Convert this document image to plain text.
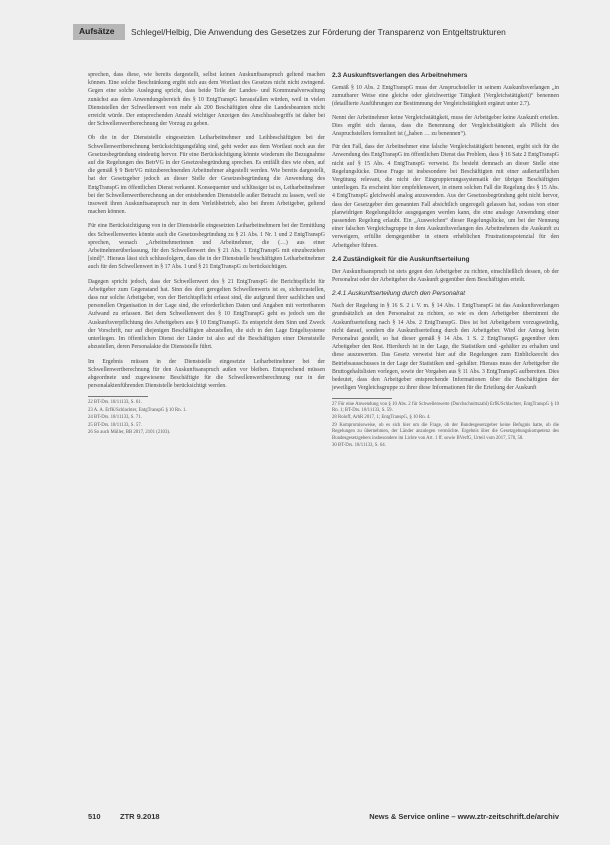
Aufsätze Schlegel/Helbig, Die Anwendung des Gesetzes zur Förderung der Transparenz von Entgeltstrukturen

sprechen, dass diese, wie bereits dargestellt, selbst keinen Auskunftsanspruch geltend machen können. Eine solche Beschränkung ergibt sich aus dem Wortlaut des Gesetzes nicht nicht zwingend. Gegen eine solche Auslegung spricht, dass beide Teile der Landes- und Kommunalverwaltung zunächst aus dem Anwendungsbereich des § 10 EntgTranspG herausfallen würden, weil in vielen Dienststellen der Schwellenwert von mehr als 200 Beschäftigten ohne die Landesbeamten nicht erreicht würde. Der entsprechenden Anzahl wichtiger Anzeigen des Anschlussbegriffs ist daher bei der Schwellenwertberechnung der Vorzug zu geben.

Ob die in der Dienststelle eingesetzten Leiharbeitnehmer und Leihbeschäftigten bei der Schwellenwertberechnung berücksichtigungsfähig sind, geht weder aus dem Wortlaut noch aus der Gesetzesbegründung eindeutig hervor. Für eine Berücksichtigung könnte wiederum die Bezugnahme auf die Regelungen des BetrVG in der Gesetzesbegründung sprechen. Es entfällt dies wie oben, auf die gemäß § 9 BetrVG mitzuberechnenden Arbeitnehmer abgestellt werden. Wie bereits dargestellt, hat der Gesetzgeber jedoch an dieser Stelle der Gesetzesbegründung die Anwendung des EntgTranspG im öffentlichen Dienst verkannt. Konsequenter und schlüssiger ist es, Leiharbeitnehmer bei der Schwellenwertberechnung an der entstehenden Dienststelle außer Betracht zu lassen, weil sie insoweit ihren Auskunftsanspruch nur in dem Verleihbetrieb, also bei ihrem Arbeitgeber, geltend machen können.

Für eine Berücksichtigung von in der Dienststelle eingesetzten Leiharbeitnehmern bei der Ermittlung des Schwellenwertes könnte auch die Gesetzesbegründung zu § 21 Abs. 1 Nr. 1 und 2 EntgTranspG sprechen, wonach „Arbeitnehmerinnen und Arbeitnehmer, die (…) aus einer Arbeitnehmerüberlassung, für den Schwellenwert des § 21 Abs. 1 EntgTranspG mit einzubeziehen [sind]“. Hieraus lässt sich schlussfolgern, dass die in der Dienststelle beschäftigten Leiharbeitnehmer auch für den Schwellenwert in § 17 Abs. 1 und § 21 EntgTranspG zu berücksichtigen.

Dagegen spricht jedoch, dass der Schwellenwert des § 21 EntgTranspG die Berichtspflicht für Arbeitgeber zum Gegenstand hat. Sinn des dort geregelten Schwellenwerts ist es, sicherzustellen, dass nur solche Arbeitgeber, von der Berichtspflicht erfasst sind, die aufgrund ihrer sachlichen und personellen Organisation in der Lage sind, die erforderlichen Daten und Angaben mit vertretbarem Aufwand zu erfassen. Bei dem Schwellenwert des § 10 EntgTranspG geht es jedoch um die Auskunftsverpflichtung des Arbeitgebers aus § 10 EntgTranspG. Es entspricht dem Sinn und Zweck der Vorschrift, nur auf diejenigen Beschäftigten abzustellen, die sich in den Lage Entgeltsysteme unterliegen. Im öffentlichen Dienst der Länder ist also auf die Beschäftigten einer Dienststelle abzustellen, deren Personalakte die Dienststelle führt.

Im Ergebnis müssen in der Dienststelle eingesetzte Leiharbeitnehmer bei der Schwellenwertberechnung für den Auskunftsanspruch außen vor bleiben. Entsprechend müssen abgeordnete und zugewiesene Beschäftigte für die Schwellenwertberechnung nur in der personalaktenführenden Dienststelle berücksichtigt werden.

22 BT-Drs. 18/11133, S. 61.
23 A. A. ErfK/Schlachter, EntgTranspG § 10 Rn. 1.
24 BT-Drs. 18/11133, S. 71.
25 BT-Drs. 18/11133, S. 57.
26 So auch Müller, BB 2017, 2101 (2103).
2.3 Auskunftsverlangen des Arbeitnehmers

Gemäß § 10 Abs. 2 EntgTranspG muss der Anspruchsteller in seinem Auskunftsverlangen „in zumutbarer Weise eine gleiche oder gleichwertige Tätigkeit (Vergleichstätigkeit)“ benennen (detaillierte Ausführungen zur Bestimmung der Vergleichstätigkeit ergänzt unter 2.7).

Nennt der Arbeitnehmer keine Vergleichstätigkeit, muss der Arbeitgeber keine Auskunft erteilen. Dies ergibt sich daraus, dass die Benennung der Vergleichstätigkeit als Pflicht des Anspruchstellers formuliert ist („haben … zu benennen“).

Für den Fall, dass der Arbeitnehmer eine falsche Vergleichstätigkeit benennt, ergibt sich für die Anwendung des EntgTranspG im öffentlichen Dienst das Problem, dass § 16 Satz 2 EntgTranspG nicht auf § 15 Abs. 4 EntgTranspG verweist. Es besteht demnach an dieser Stelle eine Regelungslücke. Diese Frage ist insbesondere bei Beschäftigten mit einer außertariflichen Vergütung relevant, die nicht der Eingruppierungssystematik der übrigen Beschäftigten unterliegen. Es erscheint hier empfehlenswert, in einem solchen Fall die Regelung des § 15 Abs. 4 EntgTranspG gleichwohl analog anzuwenden. Aus der Gesetzesbegründung geht nicht hervor, dass der Gesetzgeber den genannten Fall absichtlich ungeregelt gelassen hat, sodass von einer planwidrigen Regelungslücke ausgegangen werden kann, die eine analoge Anwendung einer passenden Regelung erlaubt. Ein „Ausweichen“ dieser Regelungslücke, um bei der Nennung einer falschen Vergleichsgruppe in dem Auskunftsverlangen des Arbeitnehmers die Auskunft zu verweigern, erfüllte demgegenüber in einem erheblichen Frustrationspotenzial für den Arbeitgeber führen.

2.4 Zuständigkeit für die Auskunftserteilung

Der Auskunftsanspruch ist stets gegen den Arbeitgeber zu richten, einschließlich dessen, ob der Personalrat oder der Arbeitgeber die Auskunft gegenüber dem Beschäftigten erteilt.

2.4.1 Auskunftserteilung durch den Personalrat

Nach der Regelung in § 16 S. 2 i. V. m. § 14 Abs. 1 EntgTranspG ist das Auskunftsverlangen grundsätzlich an den Personalrat zu richten, so wie es dem Arbeitgeber übernimmt die Auskunftserteilung nach § 14 Abs. 2 EntgTranspG. Dies ist bei Arbeitgebern vorzugswürdig, nicht darauf, sondern die Auskunftserteilung durch den Arbeitgeber. Wird der Antrag beim Personalrat gestellt, so hat dieser gemäß § 14 Abs. 1 S. 2 EntgTranspG gegenüber dem Arbeitgeber den Rest. Hierdurch ist in der Lage, die Statistiken und -gehälter zu erhalten und diese auszuwerten. Das Gesetz verweist hier auf die Regelungen zum Einblicksrecht des Betriebsausschusses in der Lage der Statistiken und -gehälter. Hieraus muss der Arbeitgeber die Bruttogehaltslisten vorlegen, sowie der Vorgaben aus § 11 Abs. 3 EntgTranspG aufbereiten. Dies bedeutet, dass den Arbeitgeber entsprechende Informationen über die Beschäftigten der jeweiligen Vergleichsgruppe zu ihrer diese Informationen für die Erteilung der Auskunft

27 Für eine Anwendung von § 10 Abs. 2 für Schwellenwerte (Durchschnittszahl) ErfK/Schlachter, EntgTranspG § 10 Rn. 1; BT-Drs. 18/11133, S. 59.
28 Roloff, ArbR 2017, 1; EntgTranspG, § 10 Rn. 4.
29 Kompromissweise, ob es sich hier um die Frage, ob der Bundesgesetzgeber keine Befugnis hatte, ob die Regelungen zu übernehmen, der Länder anzulegen vermöchte. Ergebnis über die Gesetzgebungskompetenz des Bundesgesetzgebers insbesondere im Lichte von Art. 1 ff. sowie BVerfG, Urteil vom 2017, 570, 58.
30 BT-Drs. 18/11133, S. 64.
510	ZTR 9.2018	News & Service online – www.ztr-zeitschrift.de/archiv
